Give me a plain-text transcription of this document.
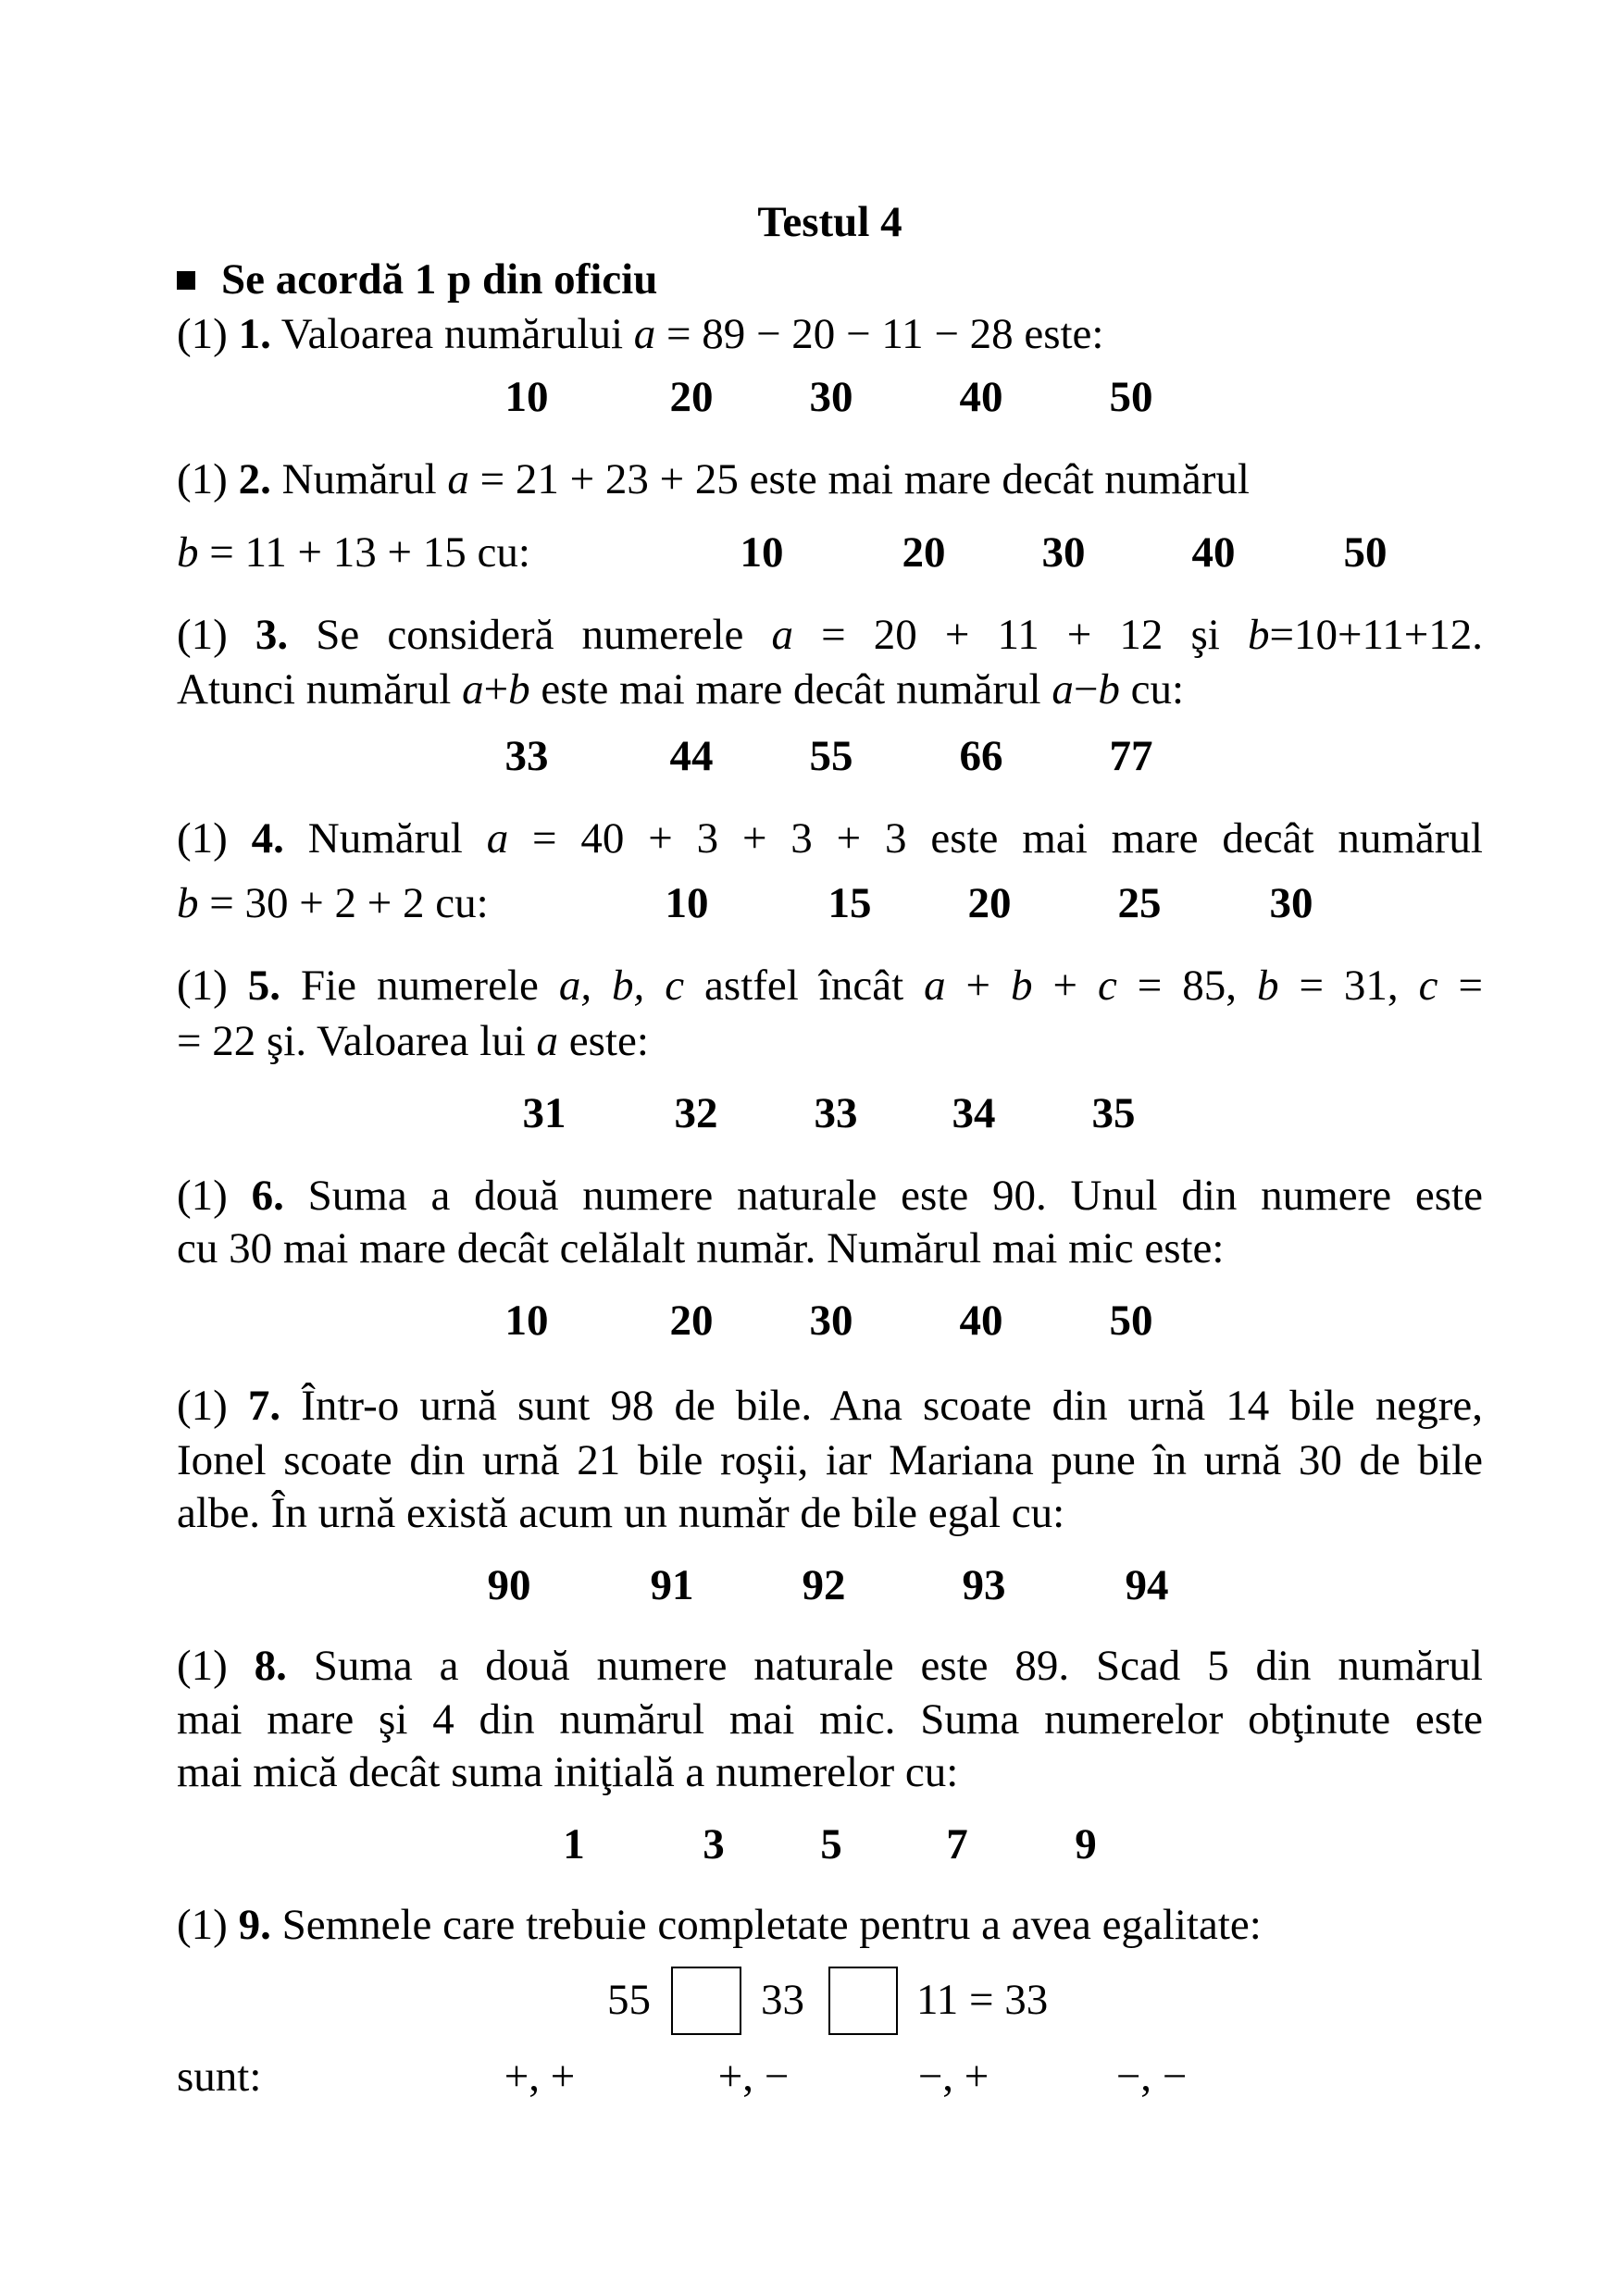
Testul 4
Se acordă 1 p din oficiu
(1) 1. Valoarea numărului a = 89 − 20 − 11 − 28 este:
(1) 2. Numărul a = 21 + 23 + 25 este mai mare decât numărul
b = 11 + 13 + 15 cu:
(1) 3. Se consideră numerele a = 20 + 11 + 12 şi b=10+11+12.
Atunci numărul a+b este mai mare decât numărul a−b cu:
(1) 4. Numărul a = 40 + 3 + 3 + 3 este mai mare decât numărul
b = 30 + 2 + 2 cu:
(1) 5. Fie numerele a, b, c astfel încât a + b + c = 85, b = 31, c =
= 22 şi. Valoarea lui a este:
(1) 6. Suma a două numere naturale este 90. Unul din numere este
cu 30 mai mare decât celălalt număr. Numărul mai mic este:
(1) 7. Într-o urnă sunt 98 de bile. Ana scoate din urnă 14 bile negre,
Ionel scoate din urnă 21 bile roşii, iar Mariana pune în urnă 30 de bile
albe. În urnă există acum un număr de bile egal cu:
(1) 8. Suma a două numere naturale este 89. Scad 5 din numărul
mai mare şi 4 din numărul mai mic. Suma numerelor obţinute este
mai mică decât suma iniţială a numerelor cu:
(1) 9. Semnele care trebuie completate pentru a avea egalitate:
sunt:
10	20 30 40 50
10	20 30 40 50
33	44 55 66 77
10	15 20 25 30
31 32 33 34 35
10	20 30 40 50
90	91 92	93	94
1	3 5 7 9
+, +	+, −	−, +	−, −
55	33	11 = 33
